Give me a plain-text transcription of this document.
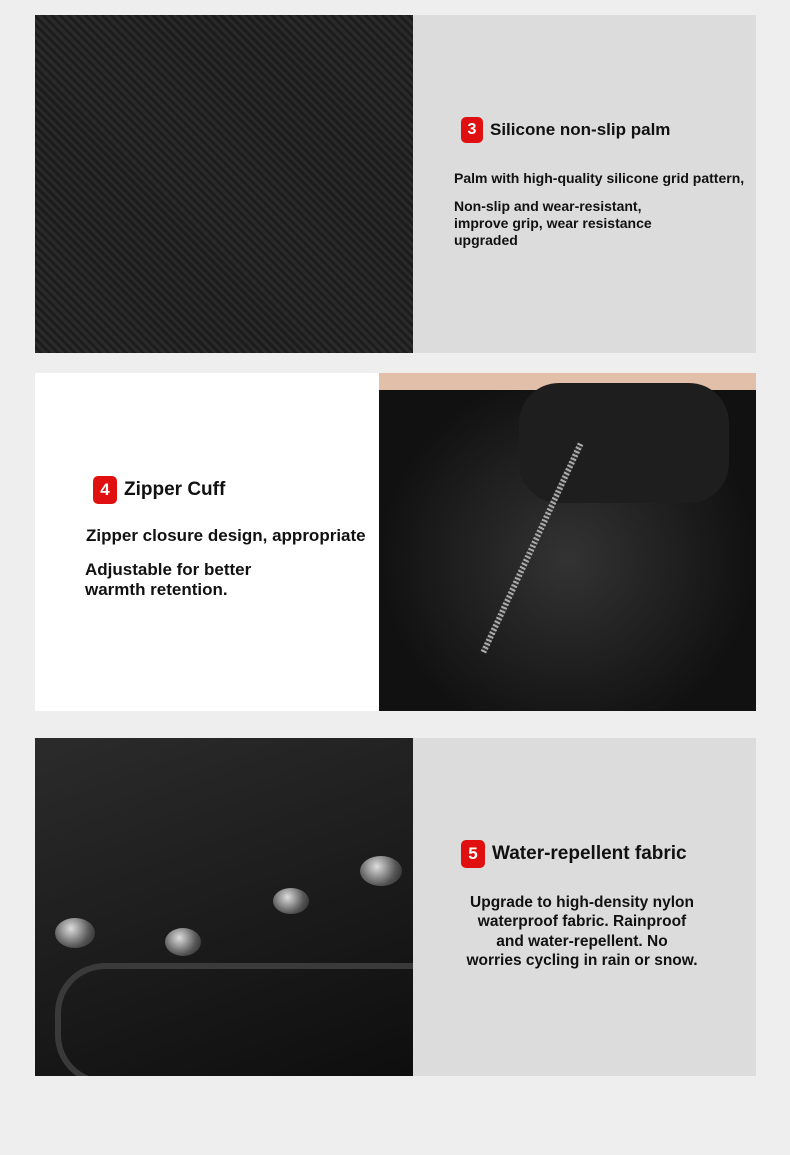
3 Silicone non-slip palm
Palm with high-quality silicone grid pattern,
Non-slip and wear-resistant,
improve grip, wear resistance
upgraded
4 Zipper Cuff
Zipper closure design, appropriate
Adjustable for better
warmth retention.
5 Water-repellent fabric
Upgrade to high-density nylon
waterproof fabric. Rainproof
and water-repellent. No
worries cycling in rain or snow.
